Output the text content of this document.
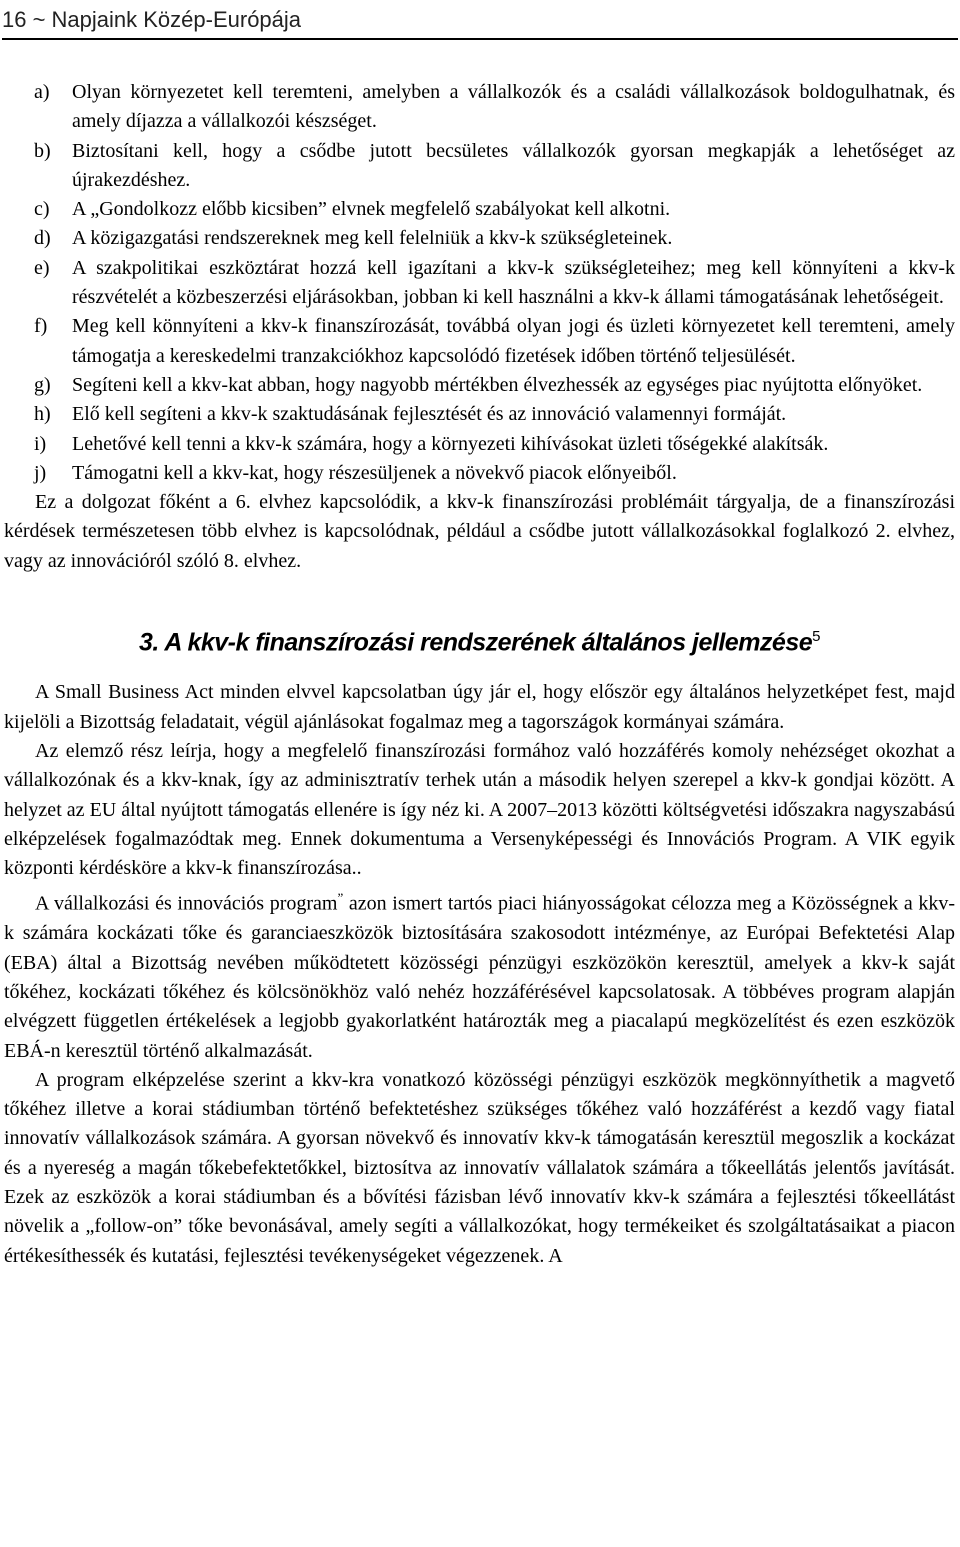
16 ~ Napjaink Közép-Európája
a) Olyan környezetet kell teremteni, amelyben a vállalkozók és a családi vállalkozások boldogulhatnak, és amely díjazza a vállalkozói készséget.
b) Biztosítani kell, hogy a csődbe jutott becsületes vállalkozók gyorsan megkapják a lehetőséget az újrakezdéshez.
c) A „Gondolkozz előbb kicsiben” elvnek megfelelő szabályokat kell alkotni.
d) A közigazgatási rendszereknek meg kell felelniük a kkv-k szükségleteinek.
e) A szakpolitikai eszköztárat hozzá kell igazítani a kkv-k szükségleteihez; meg kell könnyíteni a kkv-k részvételét a közbeszerzési eljárásokban, jobban ki kell használni a kkv-k állami támogatásának lehetőségeit.
f) Meg kell könnyíteni a kkv-k finanszírozását, továbbá olyan jogi és üzleti környezetet kell teremteni, amely támogatja a kereskedelmi tranzakciókhoz kapcsolódó fizetések időben történő teljesülését.
g) Segíteni kell a kkv-kat abban, hogy nagyobb mértékben élvezhessék az egységes piac nyújtotta előnyöket.
h) Elő kell segíteni a kkv-k szaktudásának fejlesztését és az innováció valamennyi formáját.
i) Lehetővé kell tenni a kkv-k számára, hogy a környezeti kihívásokat üzleti tőségekké alakítsák.
j) Támogatni kell a kkv-kat, hogy részesüljenek a növekvő piacok előnyeiből.

Ez a dolgozat főként a 6. elvhez kapcsolódik, a kkv-k finanszírozási problémáit tárgyalja, de a finanszírozási kérdések természetesen több elvhez is kapcsolódnak, például a csődbe jutott vállalkozásokkal foglalkozó 2. elvhez, vagy az innovációról szóló 8. elvhez.

3. A kkv-k finanszírozási rendszerének általános jellemzése$^5$

A Small Business Act minden elvvel kapcsolatban úgy jár el, hogy először egy általános helyzetképet fest, majd kijelöli a Bizottság feladatait, végül ajánlásokat fogalmaz meg a tagországok kormányai számára.

Az elemző rész leírja, hogy a megfelelő finanszírozási formához való hozzáférés komoly nehézséget okozhat a vállalkozónak és a kkv-knak, így az adminisztratív terhek után a második helyen szerepel a kkv-k gondjai között. A helyzet az EU által nyújtott támogatás ellenére is így néz ki. A 2007–2013 közötti költségvetési időszakra nagyszabású elképzelések fogalmazódtak meg. Ennek dokumentuma a Versenyképességi és Innovációs Program. A VIK egyik központi kérdésköre a kkv-k finanszírozása..

A vállalkozási és innovációs program” azon ismert tartós piaci hiányosságokat célozza meg a Közösségnek a kkv-k számára kockázati tőke és garanciaeszközök biztosítására szakosodott intézménye, az Európai Befektetési Alap (EBA) által a Bizottság nevében működtetett közösségi pénzügyi eszközökön keresztül, amelyek a kkv-k saját tőkéhez, kockázati tőkéhez és kölcsönökhöz való nehéz hozzáférésével kapcsolatosak. A többéves program alapján elvégzett független értékelések a legjobb gyakorlatként határozták meg a piacalapú megközelítést és ezen eszközök EBÁ-n keresztül történő alkalmazását.

A program elképzelése szerint a kkv-kra vonatkozó közösségi pénzügyi eszközök megkönnyíthetik a magvető tőkéhez illetve a korai stádiumban történő befektetéshez szükséges tőkéhez való hozzáférést a kezdő vagy fiatal innovatív vállalkozások számára. A gyorsan növekvő és innovatív kkv-k támogatásán keresztül megoszlik a kockázat és a nyereség a magán tőkebefektetőkkel, biztosítva az innovatív vállalatok számára a tőkeellátás jelentős javítását. Ezek az eszközök a korai stádiumban és a bővítési fázisban lévő innovatív kkv-k számára a fejlesztési tőkeellátást növelik a „follow-on” tőke bevonásával, amely segíti a vállalkozókat, hogy termékeiket és szolgáltatásaikat a piacon értékesíthessék és kutatási, fejlesztési tevékenységeket végezzenek. A
